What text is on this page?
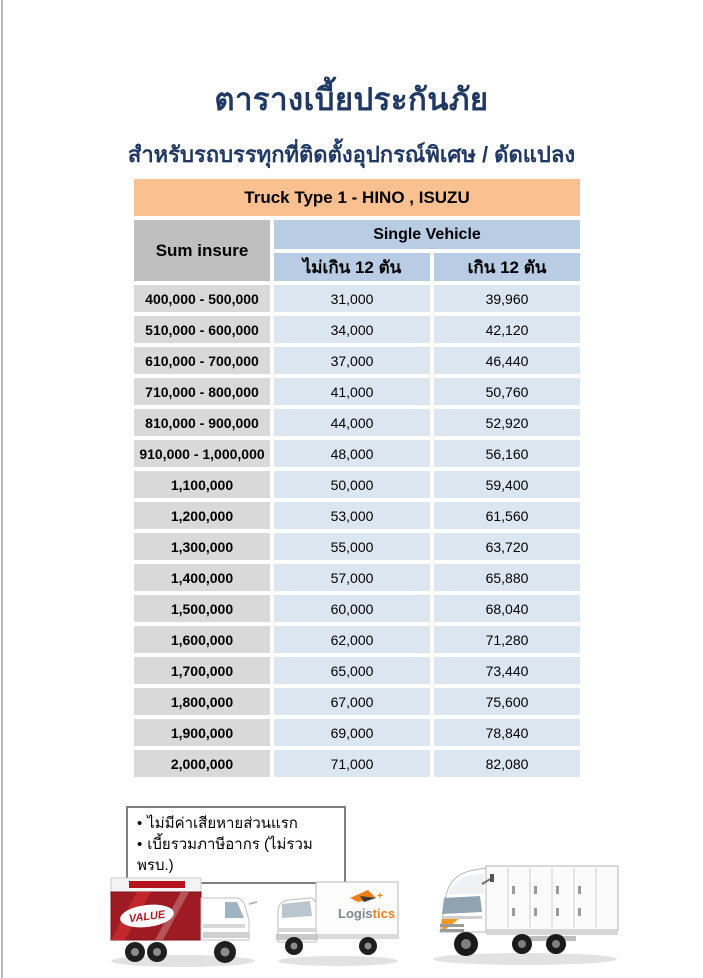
ตารางเบี้ยประกันภัย
สำหรับรถบรรทุกที่ติดตั้งอุปกรณ์พิเศษ / ดัดแปลง
Truck Type 1 - HINO , ISUZU		
Sum insure	Single Vehicle	
	ไม่เกิน 12 ตัน	เกิน 12 ตัน
400,000 - 500,000	31,000	39,960
510,000 - 600,000	34,000	42,120
610,000 - 700,000	37,000	46,440
710,000 - 800,000	41,000	50,760
810,000 - 900,000	44,000	52,920
910,000 - 1,000,000	48,000	56,160
1,100,000	50,000	59,400
1,200,000	53,000	61,560
1,300,000	55,000	63,720
1,400,000	57,000	65,880
1,500,000	60,000	68,040
1,600,000	62,000	71,280
1,700,000	65,000	73,440
1,800,000	67,000	75,600
1,900,000	69,000	78,840
2,000,000	71,000	82,080
• ไม่มีค่าเสียหายส่วนแรก
• เบี้ยรวมภาษีอากร (ไม่รวม พรบ.)
VALUE
+
Logistics
